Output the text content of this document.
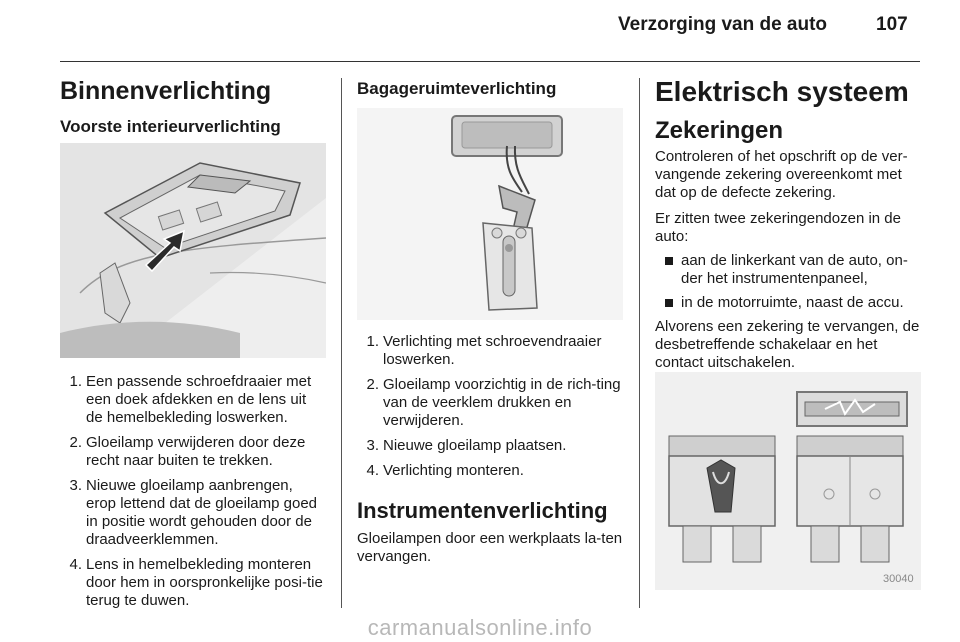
Verzorging van de auto	107
Binnenverlichting
Voorste interieurverlichting
1. Een passende schroefdraaier met een doek afdekken en de lens uit de hemelbekleding loswerken.
2. Gloeilamp verwijderen door deze recht naar buiten te trekken.
3. Nieuwe gloeilamp aanbrengen, erop lettend dat de gloeilamp goed in positie wordt gehouden door de draadveerklemmen.
4. Lens in hemelbekleding monteren door hem in oorspronkelijke posi-tie terug te duwen.
Bagageruimteverlichting
1. Verlichting met schroevendraaier loswerken.
2. Gloeilamp voorzichtig in de rich-ting van de veerklem drukken en verwijderen.
3. Nieuwe gloeilamp plaatsen.
4. Verlichting monteren.
Instrumentenverlichting

Gloeilampen door een werkplaats la-ten vervangen.

Elektrisch systeem
Zekeringen

Controleren of het opschrift op de ver-vangende zekering overeenkomt met dat op de defecte zekering.

Er zitten twee zekeringendozen in de auto:

aan de linkerkant van de auto, on-der het instrumentenpaneel,
in de motorruimte, naast de accu.

Alvorens een zekering te vervangen, de desbetreffende schakelaar en het contact uitschakelen.

30040
carmanualsonline.info
